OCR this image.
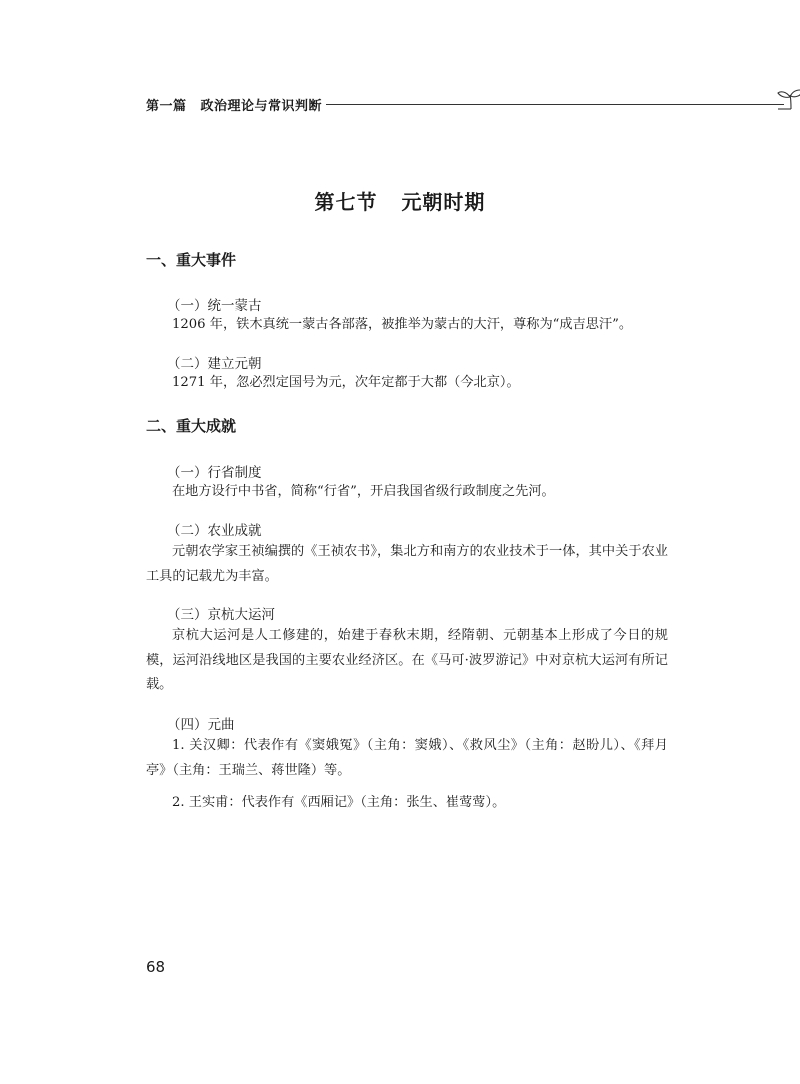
第一篇 政治理论与常识判断
第七节 元朝时期
一、重大事件
（一）统一蒙古

1206 年，铁木真统一蒙古各部落，被推举为蒙古的大汗，尊称为“成吉思汗”。

（二）建立元朝

1271 年，忽必烈定国号为元，次年定都于大都（今北京）。

二、重大成就
（一）行省制度

在地方设行中书省，简称“行省”，开启我国省级行政制度之先河。

（二）农业成就

元朝农学家王祯编撰的《王祯农书》，集北方和南方的农业技术于一体，其中关于农业工具的记载尤为丰富。

（三）京杭大运河

京杭大运河是人工修建的，始建于春秋末期，经隋朝、元朝基本上形成了今日的规模，运河沿线地区是我国的主要农业经济区。在《马可·波罗游记》中对京杭大运河有所记载。

（四）元曲

1. 关汉卿：代表作有《窦娥冤》（主角：窦娥）、《救风尘》（主角：赵盼儿）、《拜月亭》（主角：王瑞兰、蒋世隆）等。

2. 王实甫：代表作有《西厢记》（主角：张生、崔莺莺）。

68
